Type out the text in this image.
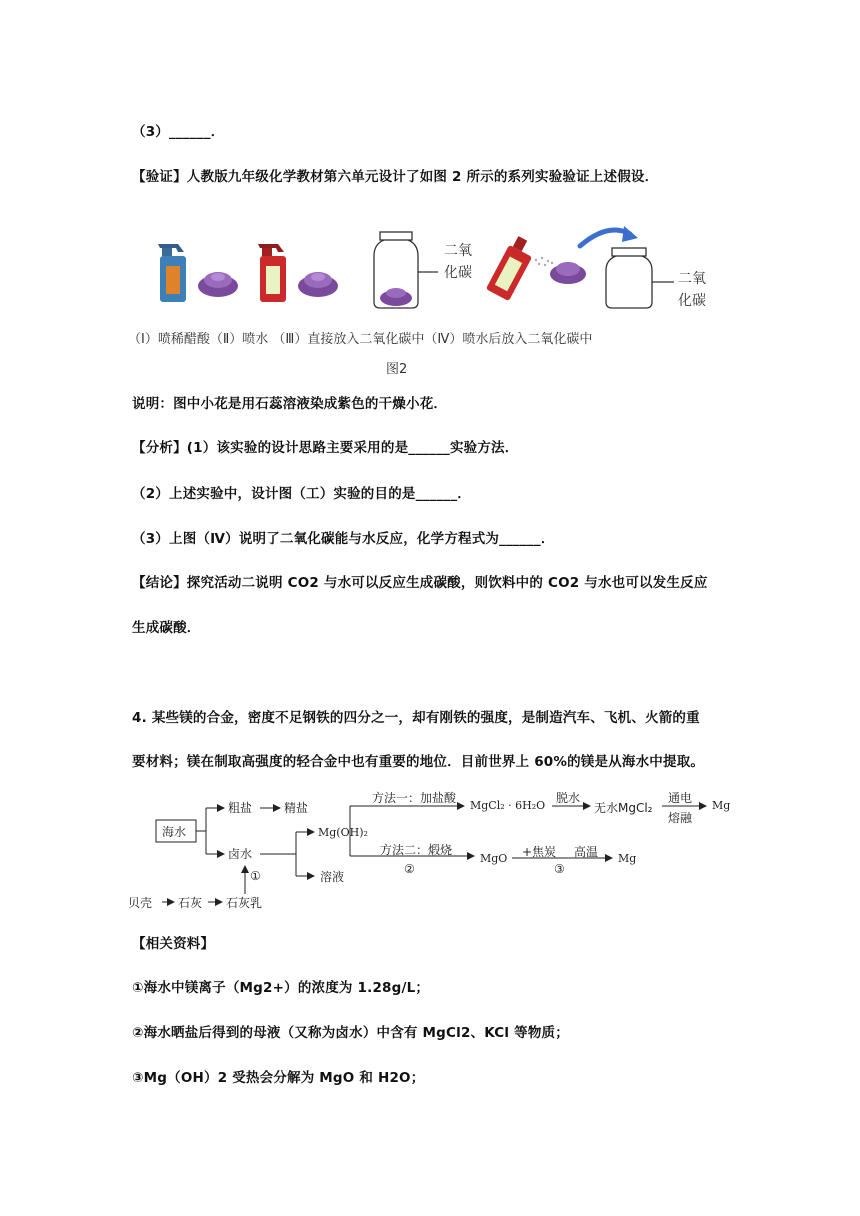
（3）______．
【验证】人教版九年级化学教材第六单元设计了如图 2 所示的系列实验验证上述假设．
二氧
化碳	二氧
化碳
（Ⅰ）喷稀醋酸（Ⅱ）喷水 （Ⅲ）直接放入二氧化碳中（Ⅳ）喷水后放入二氧化碳中
图2
说明：图中小花是用石蕊溶液染成紫色的干燥小花．
【分析】(1）该实验的设计思路主要采用的是______实验方法．
（2）上述实验中，设计图（工）实验的目的是______．
（3）上图（Ⅳ）说明了二氧化碳能与水反应，化学方程式为______．
【结论】探究活动二说明 CO2 与水可以反应生成碳酸，则饮料中的 CO2 与水也可以发生反应
生成碳酸．
4. 某些镁的合金，密度不足钢铁的四分之一，却有刚铁的强度，是制造汽车、飞机、火箭的重
要材料；镁在制取高强度的轻合金中也有重要的地位．目前世界上 60%的镁是从海水中提取。
海水
粗盐	精盐
卤水
Mg(OH)₂
溶液
①
贝壳 石灰 石灰乳
方法一：加盐酸
MgCl₂ · 6H₂O
脱水
无水MgCl₂
通电
熔融
Mg
方法二：煅烧
②
MgO +焦炭 高温
③
Mg
【相关资料】
①海水中镁离子（Mg2+）的浓度为 1.28g/L；
②海水晒盐后得到的母液（又称为卤水）中含有 MgCl2、KCl 等物质；
③Mg（OH）2 受热会分解为 MgO 和 H2O；
